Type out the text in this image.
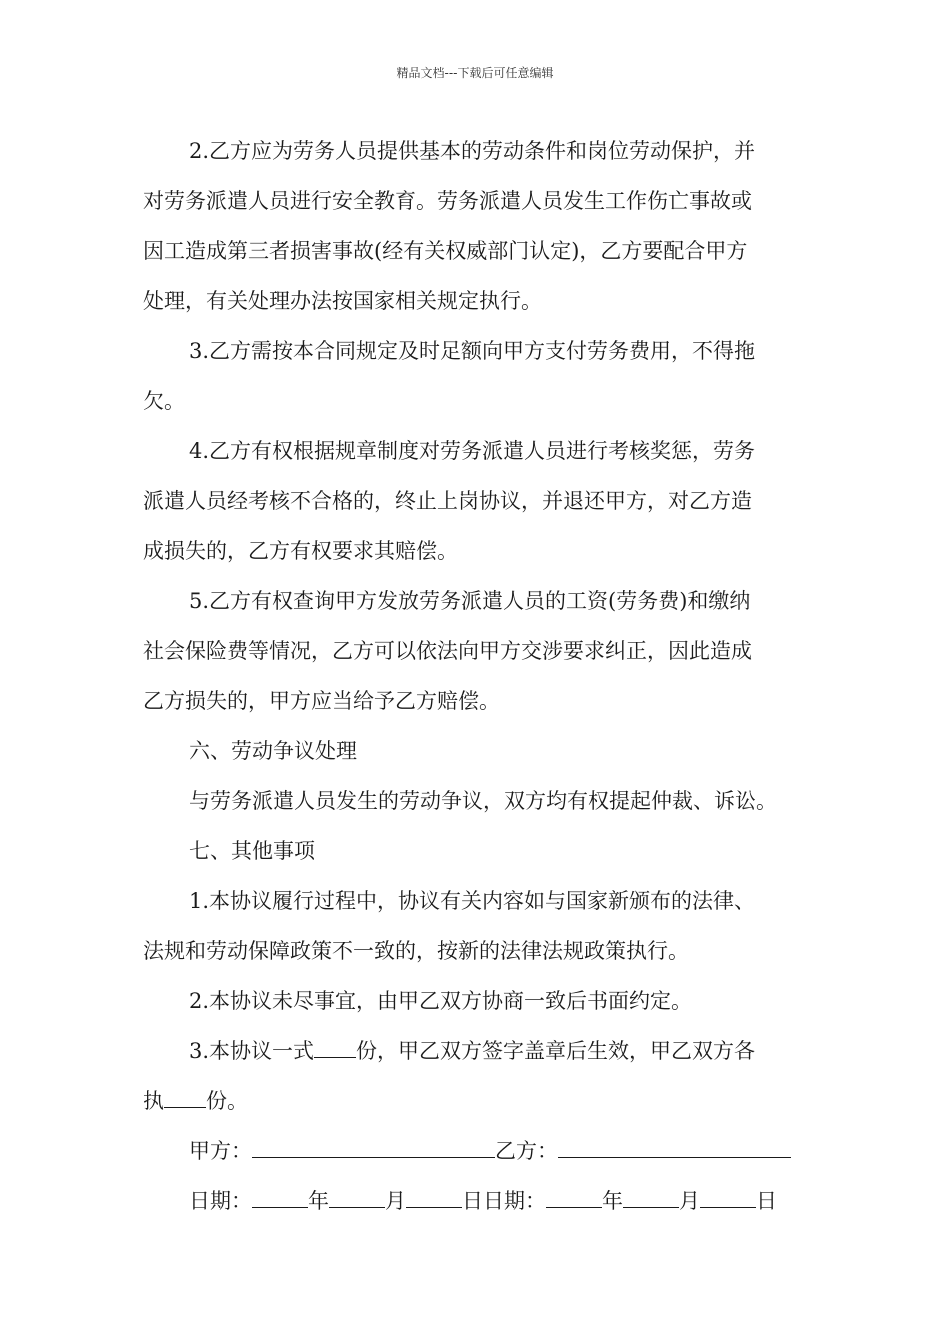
精品文档---下载后可任意编辑
2.乙方应为劳务人员提供基本的劳动条件和岗位劳动保护，并
对劳务派遣人员进行安全教育。劳务派遣人员发生工作伤亡事故或
因工造成第三者损害事故(经有关权威部门认定)，乙方要配合甲方
处理，有关处理办法按国家相关规定执行。
3.乙方需按本合同规定及时足额向甲方支付劳务费用，不得拖
欠。
4.乙方有权根据规章制度对劳务派遣人员进行考核奖惩，劳务
派遣人员经考核不合格的，终止上岗协议，并退还甲方，对乙方造
成损失的，乙方有权要求其赔偿。
5.乙方有权查询甲方发放劳务派遣人员的工资(劳务费)和缴纳
社会保险费等情况，乙方可以依法向甲方交涉要求纠正，因此造成
乙方损失的，甲方应当给予乙方赔偿。
六、劳动争议处理
与劳务派遣人员发生的劳动争议，双方均有权提起仲裁、诉讼。
七、其他事项
1.本协议履行过程中，协议有关内容如与国家新颁布的法律、
法规和劳动保障政策不一致的，按新的法律法规政策执行。
2.本协议未尽事宜，由甲乙双方协商一致后书面约定。
3.本协议一式 份，甲乙双方签字盖章后生效，甲乙双方各
执 份。
甲方：	乙方：
日期：	年	月	日日期：	年	月	日
